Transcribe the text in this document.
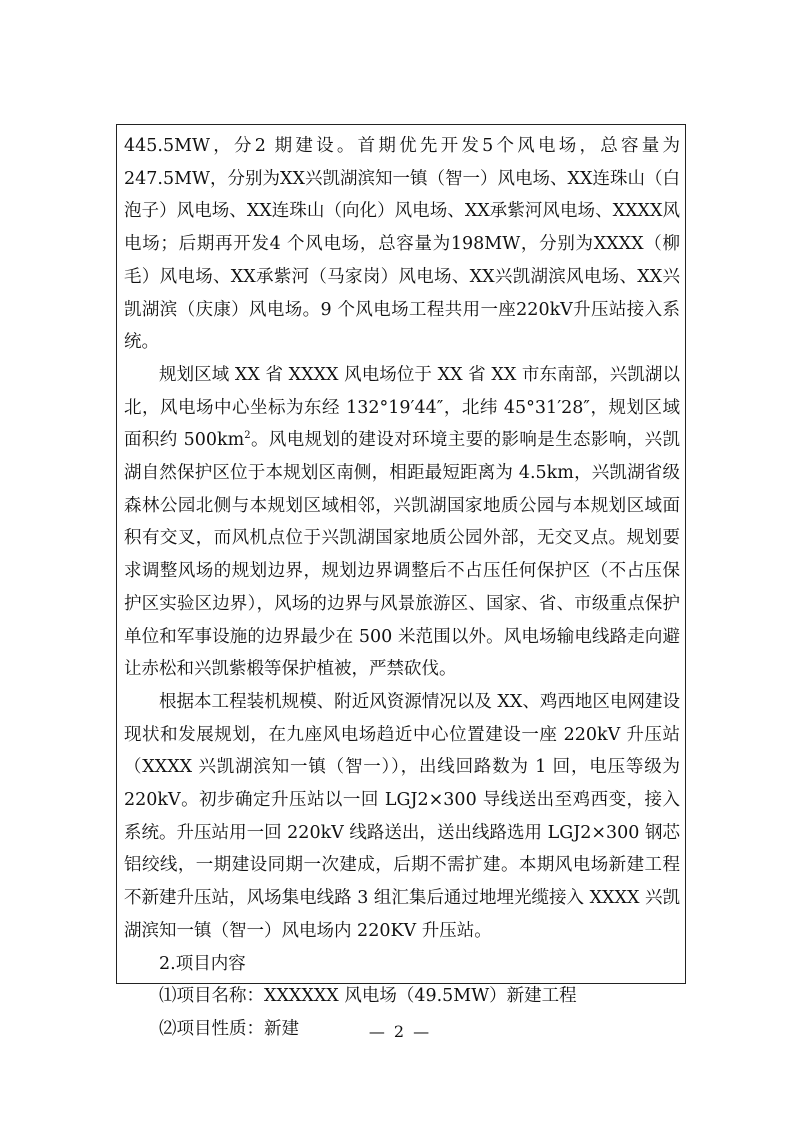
445.5MW，分2 期建设。首期优先开发5个风电场，总容量为247.5MW，分别为XX兴凯湖滨知一镇（智一）风电场、XX连珠山（白泡子）风电场、XX连珠山（向化）风电场、XX承紫河风电场、XXXX风电场；后期再开发4 个风电场，总容量为198MW，分别为XXXX（柳毛）风电场、XX承紫河（马家岗）风电场、XX兴凯湖滨风电场、XX兴凯湖滨（庆康）风电场。9 个风电场工程共用一座220kV升压站接入系统。

规划区域 XX 省 XXXX 风电场位于 XX 省 XX 市东南部，兴凯湖以北，风电场中心坐标为东经 132°19′44″，北纬 45°31′28″，规划区域面积约 $500km^2$。风电规划的建设对环境主要的影响是生态影响，兴凯湖自然保护区位于本规划区南侧，相距最短距离为 4.5km，兴凯湖省级森林公园北侧与本规划区域相邻，兴凯湖国家地质公园与本规划区域面积有交叉，而风机点位于兴凯湖国家地质公园外部，无交叉点。规划要求调整风场的规划边界，规划边界调整后不占压任何保护区（不占压保护区实验区边界），风场的边界与风景旅游区、国家、省、市级重点保护单位和军事设施的边界最少在 500 米范围以外。风电场输电线路走向避让赤松和兴凯紫椴等保护植被，严禁砍伐。

根据本工程装机规模、附近风资源情况以及 XX、鸡西地区电网建设现状和发展规划，在九座风电场趋近中心位置建设一座 220kV 升压站（XXXX 兴凯湖滨知一镇（智一）），出线回路数为 1 回，电压等级为 220kV。初步确定升压站以一回 LGJ2×300 导线送出至鸡西变，接入系统。升压站用一回 220kV 线路送出，送出线路选用 LGJ2×300 钢芯铝绞线，一期建设同期一次建成，后期不需扩建。本期风电场新建工程不新建升压站，风场集电线路 3 组汇集后通过地埋光缆接入 XXXX 兴凯湖滨知一镇（智一）风电场内 220KV 升压站。

2.项目内容

⑴项目名称：XXXXXX 风电场（49.5MW）新建工程

⑵项目性质：新建	— 2 —
